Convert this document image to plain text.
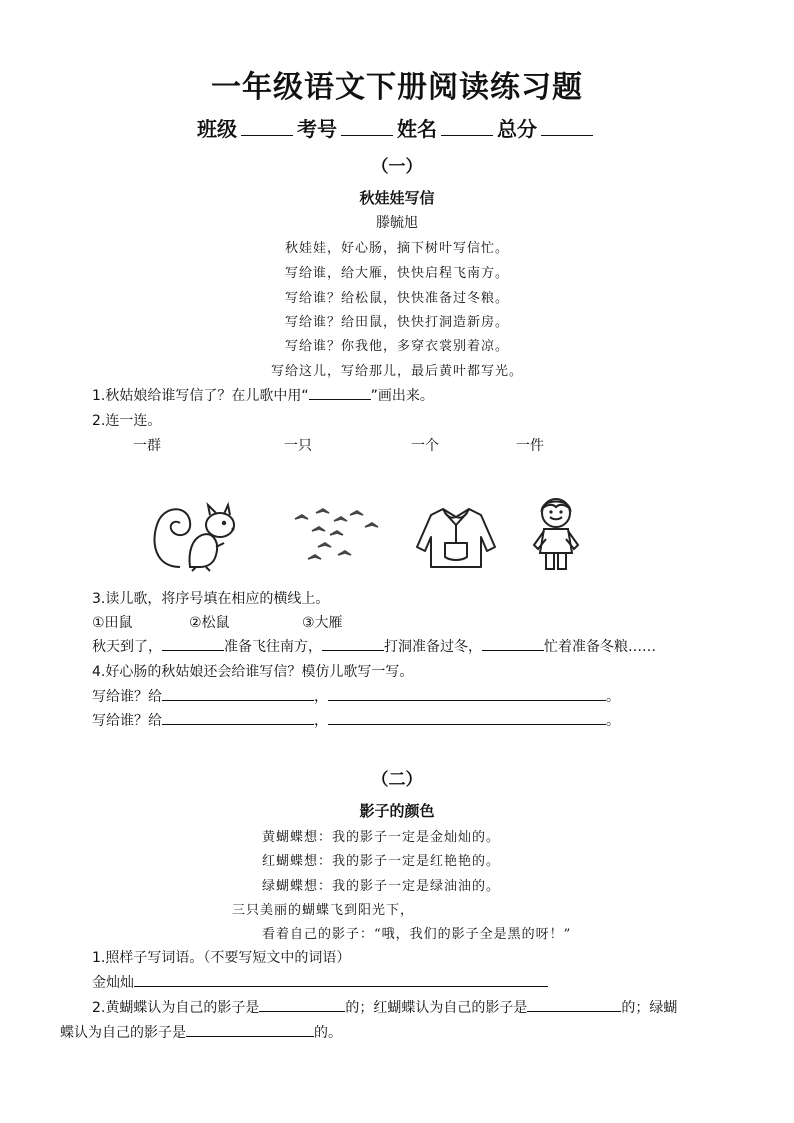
一年级语文下册阅读练习题
班级	考号	姓名	总分
（一）
秋娃娃写信
滕毓旭
秋娃娃，好心肠，摘下树叶写信忙。
写给谁，给大雁，快快启程飞南方。
写给谁？给松鼠，快快准备过冬粮。
写给谁？给田鼠，快快打洞造新房。
写给谁？你我他，多穿衣裳别着凉。
写给这儿，写给那儿，最后黄叶都写光。
1.秋姑娘给谁写信了？在儿歌中用“	”画出来。
2.连一连。
一群	一只	一个	一件
3.读儿歌，将序号填在相应的横线上。
①田鼠	②松鼠	③大雁
秋天到了，	准备飞往南方，	打洞准备过冬，	忙着准备冬粮……
4.好心肠的秋姑娘还会给谁写信？模仿儿歌写一写。
写给谁？给	，	。
写给谁？给	，	。
（二）
影子的颜色
黄蝴蝶想：我的影子一定是金灿灿的。
红蝴蝶想：我的影子一定是红艳艳的。
绿蝴蝶想：我的影子一定是绿油油的。
三只美丽的蝴蝶飞到阳光下，
看着自己的影子：“哦，我们的影子全是黑的呀！”
1.照样子写词语。（不要写短文中的词语）
金灿灿
2.黄蝴蝶认为自己的影子是	的；红蝴蝶认为自己的影子是	的；绿蝴
蝶认为自己的影子是	的。
